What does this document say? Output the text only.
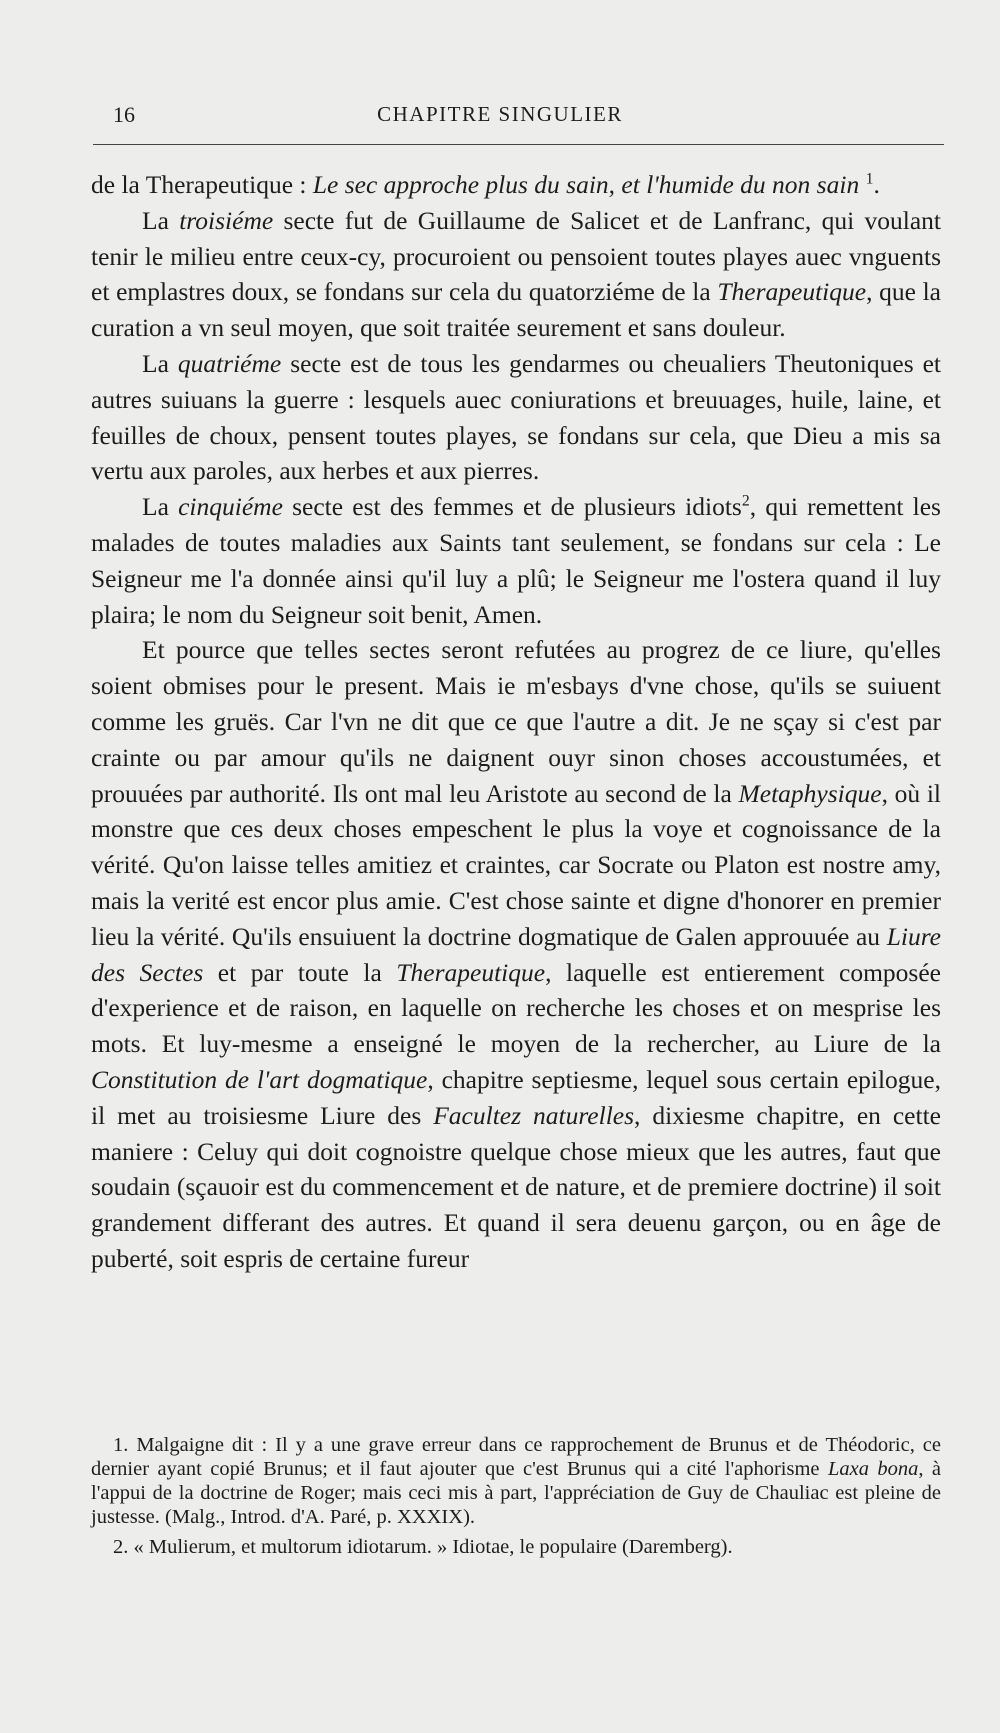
16	CHAPITRE SINGULIER

de la Therapeutique : Le sec approche plus du sain, et l'humide du non sain $^1$.

La troisiéme secte fut de Guillaume de Salicet et de Lanfranc, qui voulant tenir le milieu entre ceux-cy, procuroient ou pensoient toutes playes auec vnguents et emplastres doux, se fondans sur cela du quatorziéme de la Therapeutique, que la curation a vn seul moyen, que soit traitée seurement et sans douleur.

La quatriéme secte est de tous les gendarmes ou cheualiers Theutoniques et autres suiuans la guerre : lesquels auec coniurations et breuuages, huile, laine, et feuilles de choux, pensent toutes playes, se fondans sur cela, que Dieu a mis sa vertu aux paroles, aux herbes et aux pierres.

La cinquiéme secte est des femmes et de plusieurs idiots$^2$, qui remettent les malades de toutes maladies aux Saints tant seulement, se fondans sur cela : Le Seigneur me l'a donnée ainsi qu'il luy a plû; le Seigneur me l'ostera quand il luy plaira; le nom du Seigneur soit benit, Amen.

Et pource que telles sectes seront refutées au progrez de ce liure, qu'elles soient obmises pour le present. Mais ie m'esbays d'vne chose, qu'ils se suiuent comme les gruës. Car l'vn ne dit que ce que l'autre a dit. Je ne sçay si c'est par crainte ou par amour qu'ils ne daignent ouyr sinon choses accoustumées, et prouuées par authorité. Ils ont mal leu Aristote au second de la Metaphysique, où il monstre que ces deux choses empeschent le plus la voye et cognoissance de la vérité. Qu'on laisse telles amitiez et craintes, car Socrate ou Platon est nostre amy, mais la verité est encor plus amie. C'est chose sainte et digne d'honorer en premier lieu la vérité. Qu'ils ensuiuent la doctrine dogmatique de Galen approuuée au Liure des Sectes et par toute la Therapeutique, laquelle est entierement composée d'experience et de raison, en laquelle on recherche les choses et on mesprise les mots. Et luy-mesme a enseigné le moyen de la rechercher, au Liure de la Constitution de l'art dogmatique, chapitre septiesme, lequel sous certain epilogue, il met au troisiesme Liure des Facultez naturelles, dixiesme chapitre, en cette maniere : Celuy qui doit cognoistre quelque chose mieux que les autres, faut que soudain (sçauoir est du commencement et de nature, et de premiere doctrine) il soit grandement differant des autres. Et quand il sera deuenu garçon, ou en âge de puberté, soit espris de certaine fureur

1. Malgaigne dit : Il y a une grave erreur dans ce rapprochement de Brunus et de Théodoric, ce dernier ayant copié Brunus; et il faut ajouter que c'est Brunus qui a cité l'aphorisme Laxa bona, à l'appui de la doctrine de Roger; mais ceci mis à part, l'appréciation de Guy de Chauliac est pleine de justesse. (Malg., Introd. d'A. Paré, p. XXXIX).

2. « Mulierum, et multorum idiotarum. » Idiotae, le populaire (Daremberg).
